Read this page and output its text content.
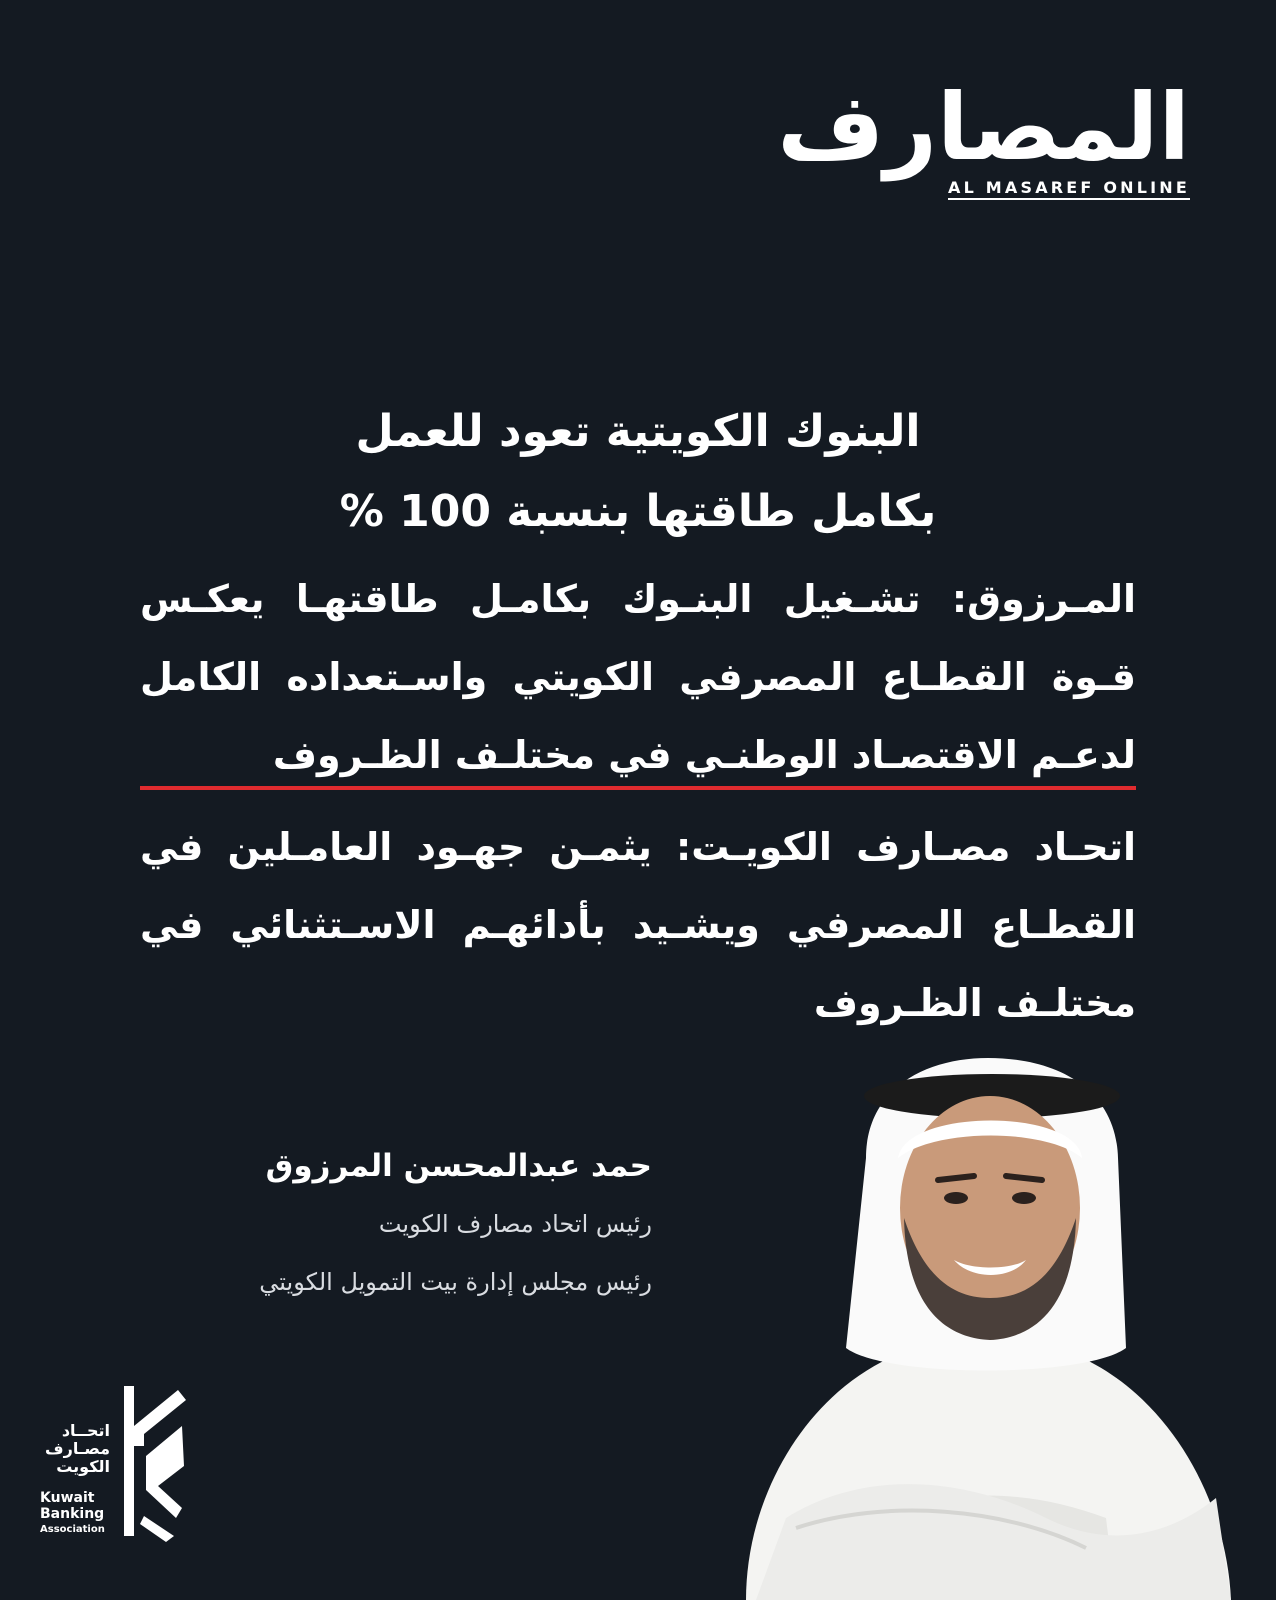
المصارف
AL MASAREF ONLINE
البنوك الكويتية تعود للعمل
بكامل طاقتها بنسبة 100 %
المـرزوق: تشـغيل البنـوك بكامـل طاقتهـا يعكـس قـوة القطـاع المصرفي الكويتي واسـتعداده الكامل لدعـم الاقتصـاد الوطنـي في مختلـف الظـروف
اتحـاد مصـارف الكويـت: يثمـن جهـود العامـلين في القطـاع المصرفي ويشـيد بأدائهـم الاسـتثنائي في مختلـف الظـروف
حمد عبدالمحسن المرزوق
رئيس اتحاد مصارف الكويت
رئيس مجلس إدارة بيت التمويل الكويتي
اتحــاد
مصـارف
الكويت
Kuwait
Banking
Association
